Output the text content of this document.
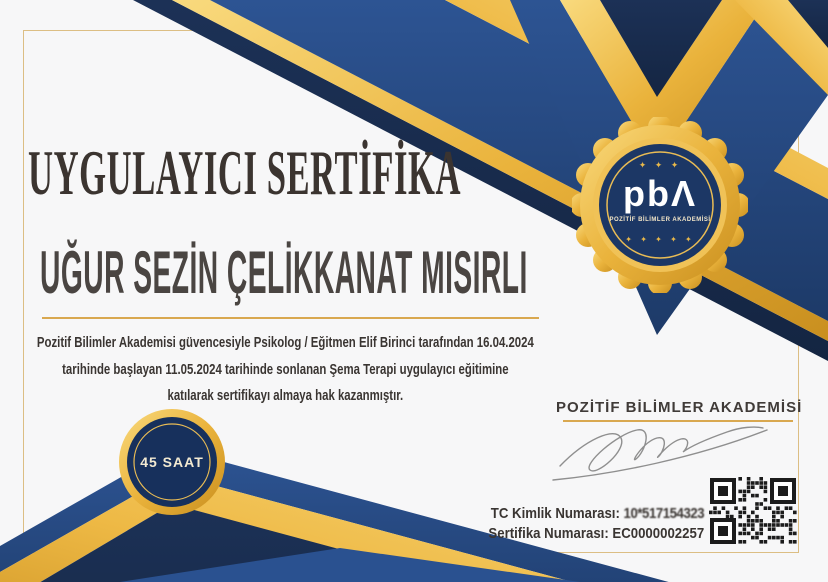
✦ ✦ ✦
pbΛ
POZİTİF BİLİMLER AKADEMİSİ
✦ ✦ ✦ ✦ ✦
45 SAAT
UYGULAYICI SERTİFİKA
UĞUR SEZİN ÇELİKKANAT MISIRLI
Pozitif Bilimler Akademisi güvencesiyle Psikolog / Eğitmen Elif Birinci tarafından 16.04.2024
tarihinde başlayan 11.05.2024 tarihinde sonlanan Şema Terapi uygulayıcı eğitimine
katılarak sertifikayı almaya hak kazanmıştır.
POZİTİF BİLİMLER AKADEMİSİ
TC Kimlik Numarası: 10*517154323
Sertifika Numarası: EC0000002257
